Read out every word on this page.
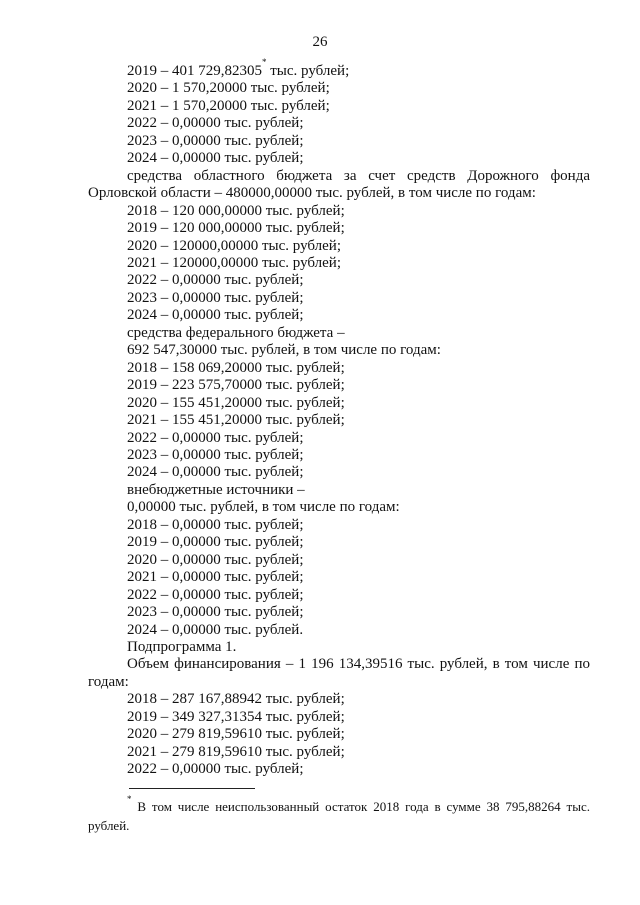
26
2019 – 401 729,82305* тыс. рублей;
2020 – 1 570,20000 тыс. рублей;
2021 – 1 570,20000 тыс. рублей;
2022 – 0,00000 тыс. рублей;
2023 – 0,00000 тыс. рублей;
2024 – 0,00000 тыс. рублей;
средства областного бюджета за счет средств Дорожного фонда
Орловской области – 480000,00000 тыс. рублей, в том числе по годам:
2018 – 120 000,00000 тыс. рублей;
2019 – 120 000,00000 тыс. рублей;
2020 – 120000,00000 тыс. рублей;
2021 – 120000,00000 тыс. рублей;
2022 – 0,00000 тыс. рублей;
2023 – 0,00000 тыс. рублей;
2024 – 0,00000 тыс. рублей;
средства федерального бюджета –
692 547,30000 тыс. рублей, в том числе по годам:
2018 – 158 069,20000 тыс. рублей;
2019 – 223 575,70000 тыс. рублей;
2020 – 155 451,20000 тыс. рублей;
2021 – 155 451,20000 тыс. рублей;
2022 – 0,00000 тыс. рублей;
2023 – 0,00000 тыс. рублей;
2024 – 0,00000 тыс. рублей;
внебюджетные источники –
0,00000 тыс. рублей, в том числе по годам:
2018 – 0,00000 тыс. рублей;
2019 – 0,00000 тыс. рублей;
2020 – 0,00000 тыс. рублей;
2021 – 0,00000 тыс. рублей;
2022 – 0,00000 тыс. рублей;
2023 – 0,00000 тыс. рублей;
2024 – 0,00000 тыс. рублей.
Подпрограмма 1.
Объем финансирования – 1 196 134,39516 тыс. рублей, в том числе по
годам:
2018 – 287 167,88942 тыс. рублей;
2019 – 349 327,31354 тыс. рублей;
2020 – 279 819,59610 тыс. рублей;
2021 – 279 819,59610 тыс. рублей;
2022 – 0,00000 тыс. рублей;
* В том числе неиспользованный остаток 2018 года в сумме 38 795,88264 тыс.
рублей.
